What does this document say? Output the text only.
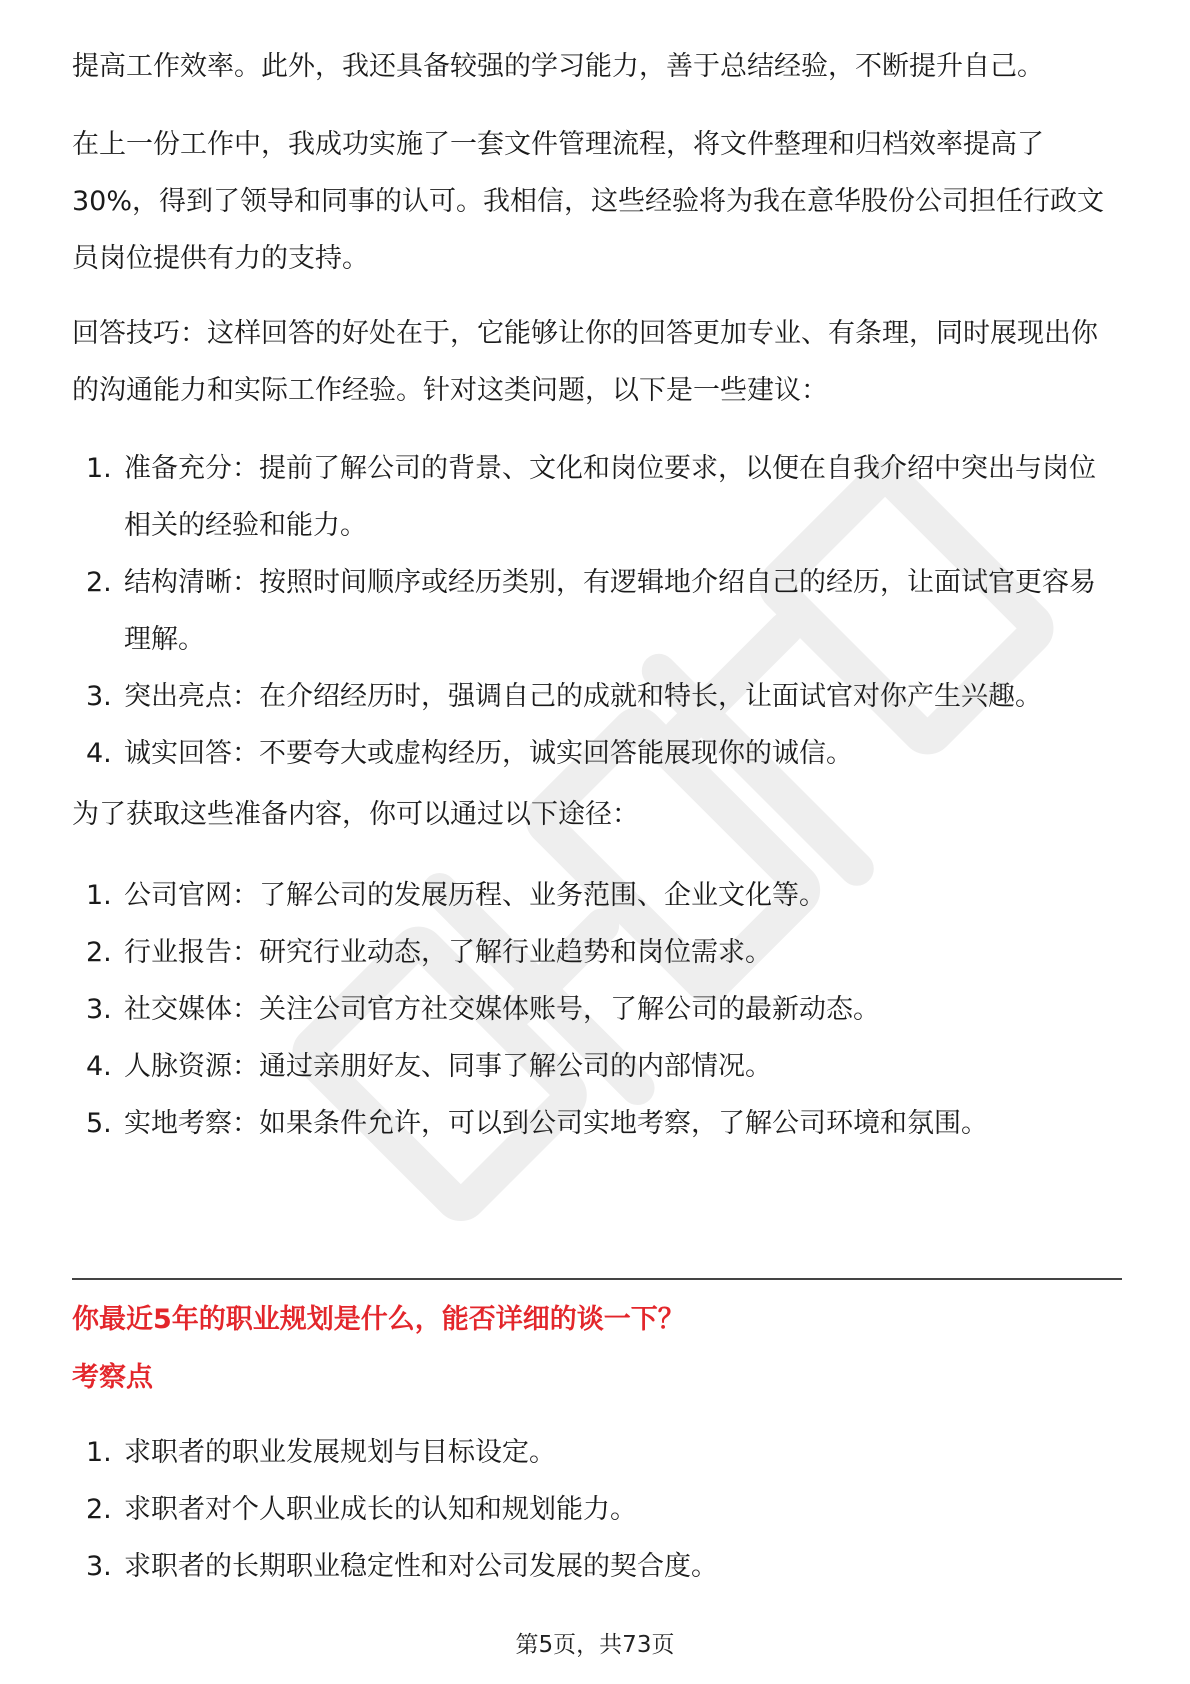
提高工作效率。此外，我还具备较强的学习能力，善于总结经验，不断提升自己。

在上一份工作中，我成功实施了一套文件管理流程，将文件整理和归档效率提高了30%，得到了领导和同事的认可。我相信，这些经验将为我在意华股份公司担任行政文员岗位提供有力的支持。

回答技巧：这样回答的好处在于，它能够让你的回答更加专业、有条理，同时展现出你的沟通能力和实际工作经验。针对这类问题，以下是一些建议：

1. 准备充分：提前了解公司的背景、文化和岗位要求，以便在自我介绍中突出与岗位相关的经验和能力。
2. 结构清晰：按照时间顺序或经历类别，有逻辑地介绍自己的经历，让面试官更容易理解。
3. 突出亮点：在介绍经历时，强调自己的成就和特长，让面试官对你产生兴趣。
4. 诚实回答：不要夸大或虚构经历，诚实回答能展现你的诚信。

为了获取这些准备内容，你可以通过以下途径：

1. 公司官网：了解公司的发展历程、业务范围、企业文化等。
2. 行业报告：研究行业动态，了解行业趋势和岗位需求。
3. 社交媒体：关注公司官方社交媒体账号，了解公司的最新动态。
4. 人脉资源：通过亲朋好友、同事了解公司的内部情况。
5. 实地考察：如果条件允许，可以到公司实地考察，了解公司环境和氛围。
你最近5年的职业规划是什么，能否详细的谈一下？
考察点
1. 求职者的职业发展规划与目标设定。
2. 求职者对个人职业成长的认知和规划能力。
3. 求职者的长期职业稳定性和对公司发展的契合度。
第5页，共73页
